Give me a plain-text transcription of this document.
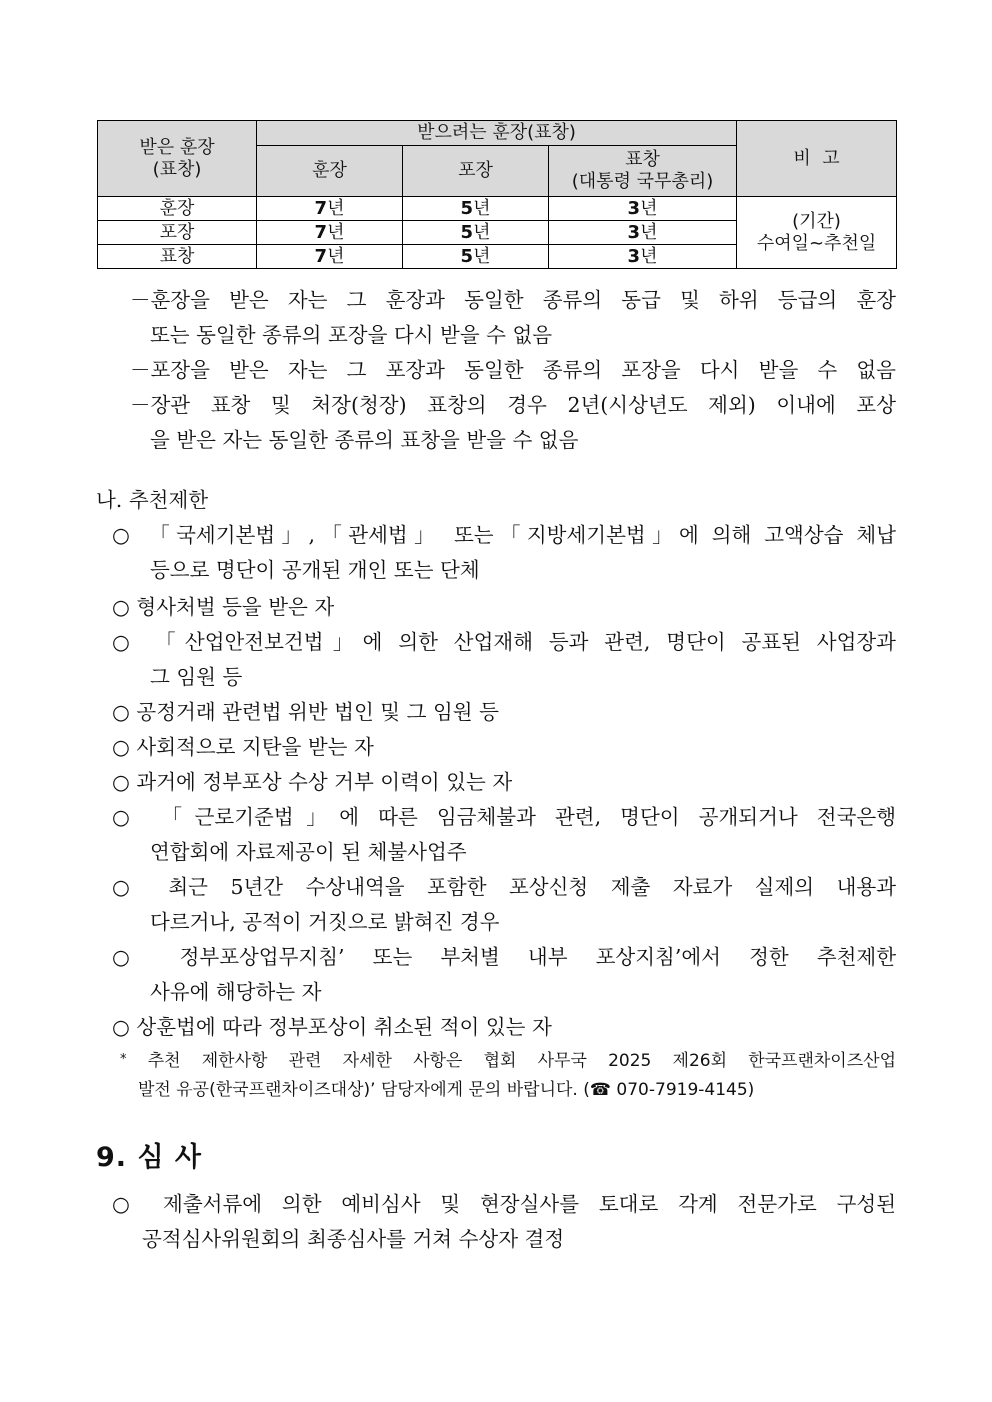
받은 훈장
(표창)	받으려는 훈장(표창)			비  고
	훈장	포장	표창
(대통령 국무총리)	
훈장	7년	5년	3년	(기간)
수여일~추천일
포장	7년	5년	3년	
표창	7년	5년	3년	
－훈장을 받은 자는 그 훈장과 동일한 종류의 동급 및 하위 등급의 훈장
또는 동일한 종류의 포장을 다시 받을 수 없음
－포장을 받은 자는 그 포장과 동일한 종류의 포장을 다시 받을 수 없음
－장관 표창 및 처장(청장) 표창의 경우 2년(시상년도 제외) 이내에 포상
을 받은 자는 동일한 종류의 표창을 받을 수 없음
나. 추천제한
○ 「국세기본법」,「관세법」 또는「지방세기본법」에 의해 고액상습 체납
등으로 명단이 공개된 개인 또는 단체
○ 형사처벌 등을 받은 자
○ 「산업안전보건법」에 의한 산업재해 등과 관련, 명단이 공표된 사업장과
그 임원 등
○ 공정거래 관련법 위반 법인 및 그 임원 등
○ 사회적으로 지탄을 받는 자
○ 과거에 정부포상 수상 거부 이력이 있는 자
○ 「근로기준법」에 따른 임금체불과 관련, 명단이 공개되거나 전국은행
연합회에 자료제공이 된 체불사업주
○ 최근 5년간 수상내역을 포함한 포상신청 제출 자료가 실제의 내용과
다르거나, 공적이 거짓으로 밝혀진 경우
○ 정부포상업무지침’ 또는 부처별 내부 포상지침’에서 정한 추천제한
사유에 해당하는 자
○ 상훈법에 따라 정부포상이 취소된 적이 있는 자
* 추천 제한사항 관련 자세한 사항은 협회 사무국 2025 제26회 한국프랜차이즈산업
발전 유공(한국프랜차이즈대상)’ 담당자에게 문의 바랍니다. (☎ 070-7919-4145)
9. 심 사
○ 제출서류에 의한 예비심사 및 현장실사를 토대로 각계 전문가로 구성된
공적심사위원회의 최종심사를 거쳐 수상자 결정
